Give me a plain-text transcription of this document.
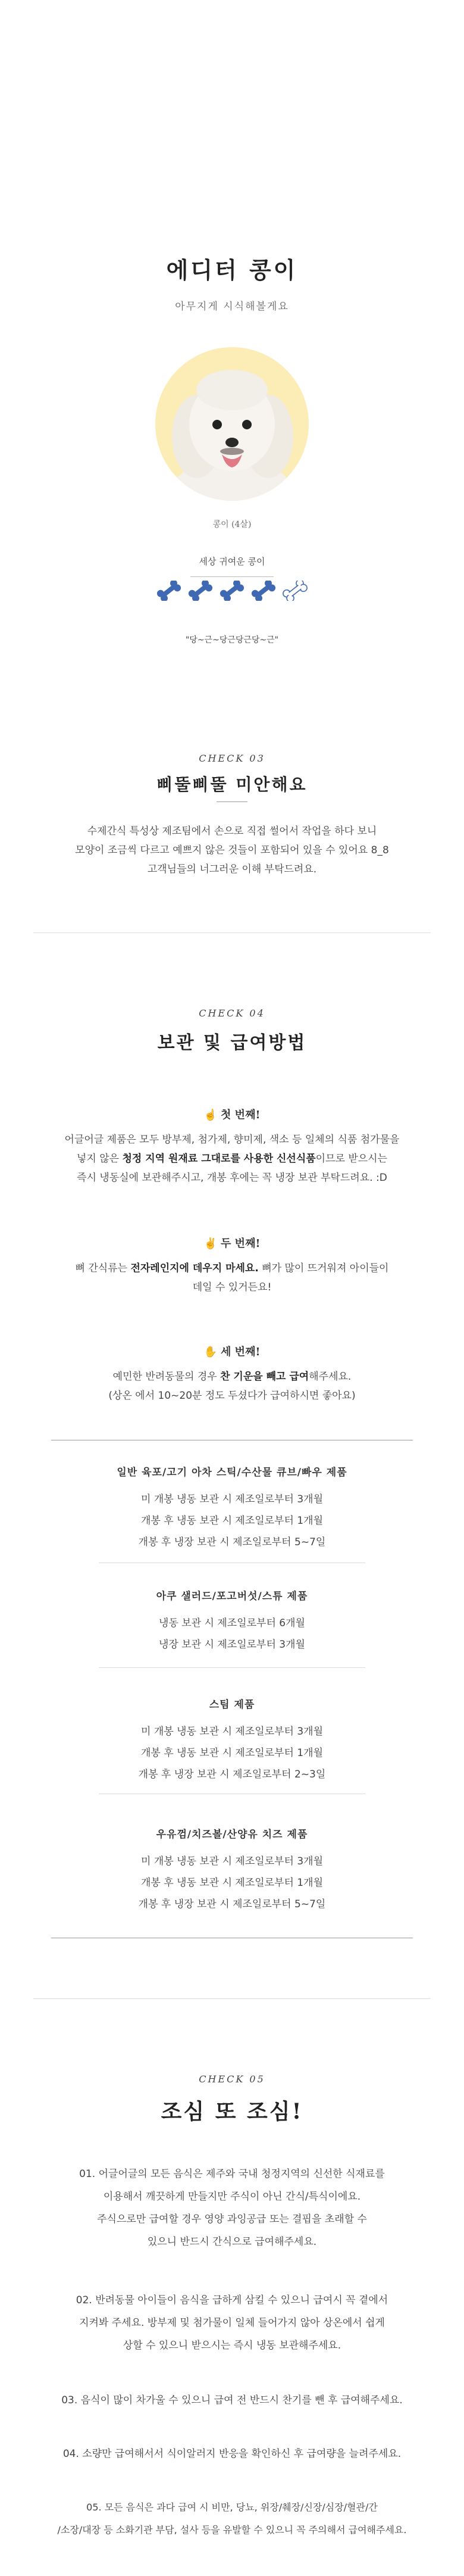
에디터 콩이
아무지게 시식해볼게요
콩이 (4살)
세상 귀여운 콩이

"당~근~당근당근당~근"
CHECK 03
삐뚤삐뚤 미안해요
수제간식 특성상 제조팀에서 손으로 직접 썰어서 작업을 하다 보니
모양이 조금씩 다르고 예쁘지 않은 것들이 포함되어 있을 수 있어요 8_8
고객님들의 너그러운 이해 부탁드려요.
CHECK 04
보관 및 급여방법
☝ 첫 번째!
어글어글 제품은 모두 방부제, 첨가제, 향미제, 색소 등 일체의 식품 첨가물을
넣지 않은 청정 지역 원재료 그대로를 사용한 신선식품이므로 받으시는
즉시 냉동실에 보관해주시고, 개봉 후에는 꼭 냉장 보관 부탁드려요. :D
✌ 두 번째!
뼈 간식류는 전자레인지에 데우지 마세요. 뼈가 많이 뜨거워져 아이들이
데일 수 있거든요!
✋ 세 번째!
예민한 반려동물의 경우 찬 기운을 빼고 급여해주세요.
(상온 에서 10~20분 정도 두셨다가 급여하시면 좋아요)
일반 육포/고기 아차 스틱/수산물 큐브/빠우 제품
미 개봉 냉동 보관 시 제조일로부터 3개월
개봉 후 냉동 보관 시 제조일로부터 1개월
개봉 후 냉장 보관 시 제조일로부터 5~7일
아쿠 샐러드/포고버섯/스튜 제품
냉동 보관 시 제조일로부터 6개월
냉장 보관 시 제조일로부터 3개월
스팀 제품
미 개봉 냉동 보관 시 제조일로부터 3개월
개봉 후 냉동 보관 시 제조일로부터 1개월
개봉 후 냉장 보관 시 제조일로부터 2~3일
우유껌/치즈볼/산양유 치즈 제품
미 개봉 냉동 보관 시 제조일로부터 3개월
개봉 후 냉동 보관 시 제조일로부터 1개월
개봉 후 냉장 보관 시 제조일로부터 5~7일
CHECK 05
조심 또 조심!
01. 어글어글의 모든 음식은 제주와 국내 청정지역의 신선한 식재료를
이용해서 깨끗하게 만들지만 주식이 아닌 간식/특식이에요.
주식으로만 급여할 경우 영양 과잉공급 또는 결핍을 초래할 수
있으니 반드시 간식으로 급여해주세요.
02. 반려동물 아이들이 음식을 급하게 삼킬 수 있으니 급여시 꼭 곁에서
지켜봐 주세요. 방부제 및 첨가물이 일체 들어가지 않아 상온에서 쉽게
상할 수 있으니 받으시는 즉시 냉동 보관해주세요.
03. 음식이 많이 차가울 수 있으니 급여 전 반드시 찬기를 뺀 후 급여해주세요.
04. 소량만 급여해서서 식이알러지 반응을 확인하신 후 급여량을 늘려주세요.
05. 모든 음식은 과다 급여 시 비만, 당뇨, 위장/췌장/신장/심장/혈관/간
/소장/대장 등 소화기관 부담, 설사 등을 유발할 수 있으니 꼭 주의해서 급여해주세요.
